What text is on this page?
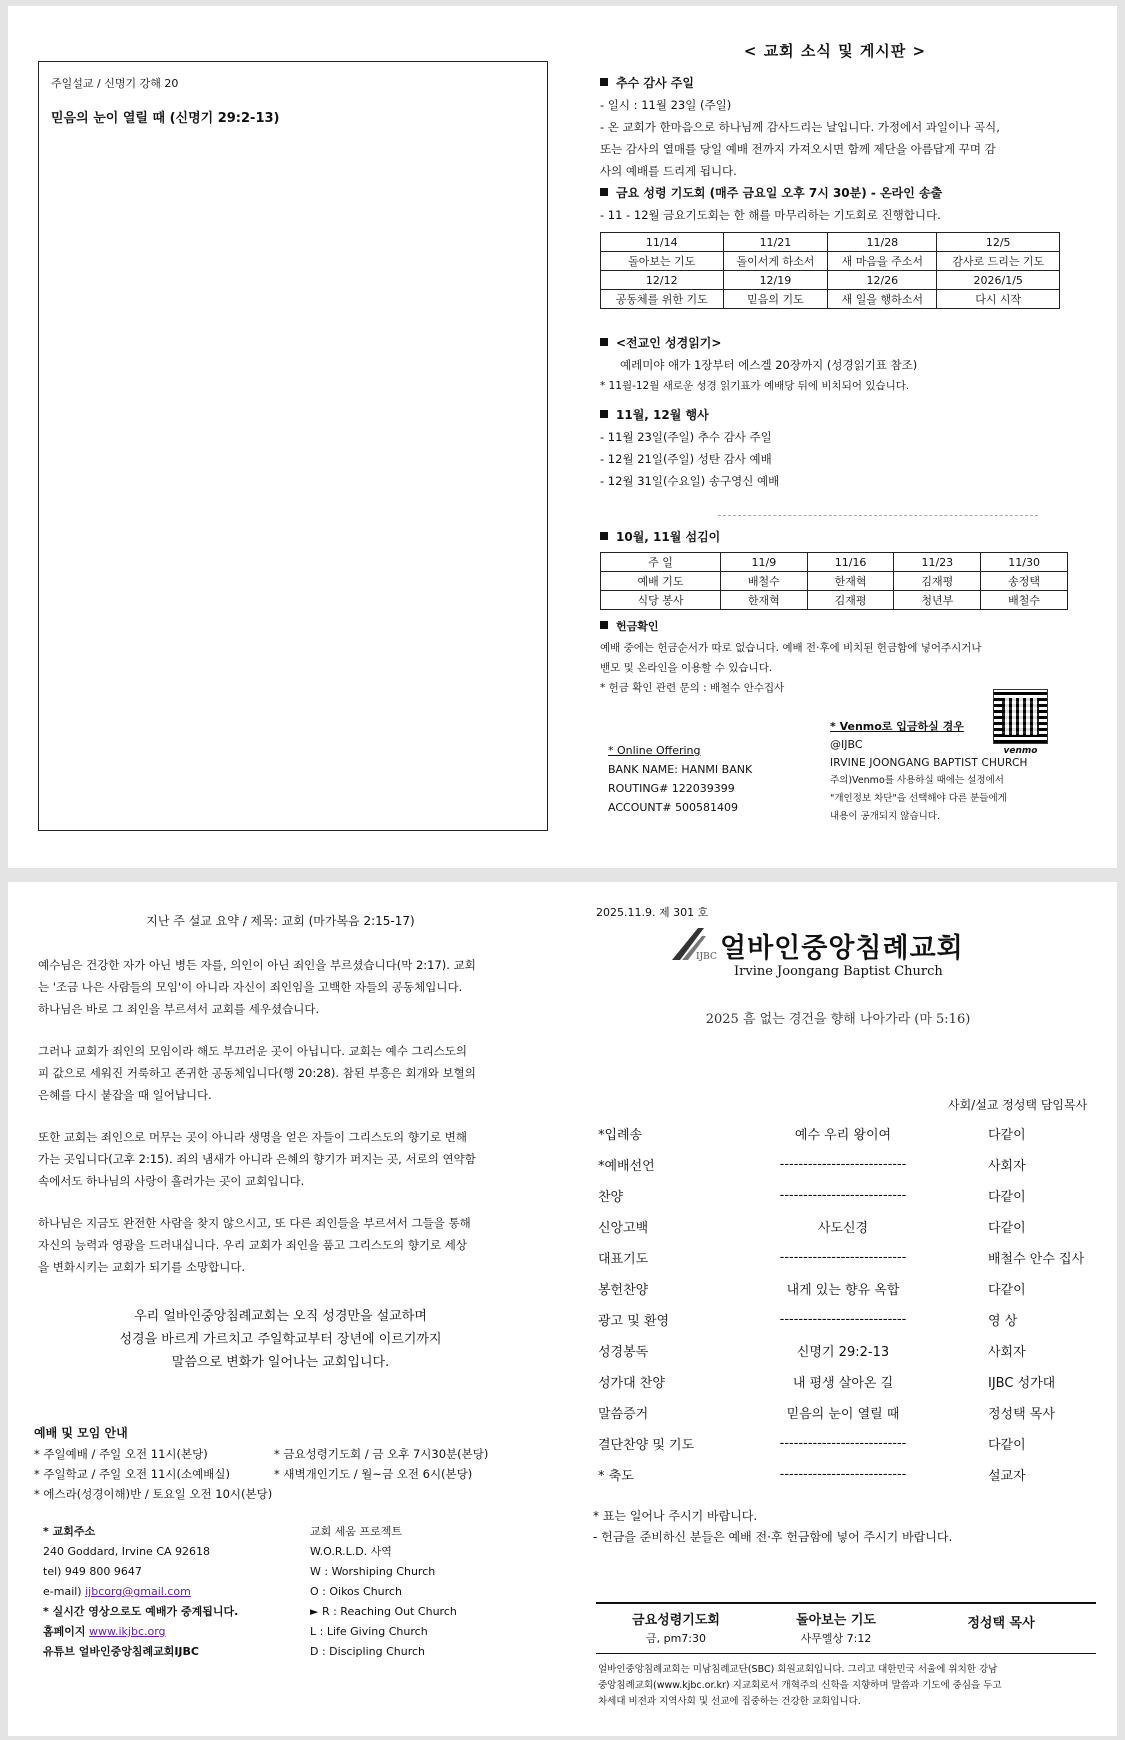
주일설교 / 신명기 강해 20
믿음의 눈이 열릴 때 (신명기 29:2-13)
< 교회 소식 및 게시판 >
추수 감사 주일
- 일시 : 11월 23일 (주일)
- 온 교회가 한마음으로 하나님께 감사드리는 날입니다. 가정에서 과일이나 곡식,
또는 감사의 열매를 당일 예배 전까지 가져오시면 함께 제단을 아름답게 꾸며 감
사의 예배를 드리게 됩니다.
금요 성령 기도회 (매주 금요일 오후 7시 30분) - 온라인 송출
- 11 - 12월 금요기도회는 한 해를 마무리하는 기도회로 진행합니다.
11/14	11/21	11/28	12/5
돌아보는 기도	돌이서게 하소서	새 마음을 주소서	감사로 드리는 기도
12/12	12/19	12/26	2026/1/5
공동체를 위한 기도	믿음의 기도	새 일을 행하소서	다시 시작
<전교인 성경읽기>
예레미야 애가 1장부터 에스겔 20장까지 (성경읽기표 참조)
* 11월-12월 새로운 성경 읽기표가 예배당 뒤에 비치되어 있습니다.
11월, 12월 행사
- 11월 23일(주일) 추수 감사 주일
- 12월 21일(주일) 성탄 감사 예배
- 12월 31일(수요일) 송구영신 예배
10월, 11월 섬김이
주 일	11/9	11/16	11/23	11/30
예배 기도	배철수	한재혁	김재평	송정택
식당 봉사	한재혁	김재평	청년부	배철수
헌금확인
예배 중에는 헌금순서가 따로 없습니다. 예배 전·후에 비치된 헌금함에 넣어주시거나
밴모 및 온라인을 이용할 수 있습니다.
* 헌금 확인 관련 문의 : 배철수 안수집사
* Online Offering
BANK NAME: HANMI BANK
ROUTING# 122039399
ACCOUNT# 500581409
* Venmo로 입금하실 경우
@IJBC
IRVINE JOONGANG BAPTIST CHURCH
주의)Venmo를 사용하실 때에는 설정에서
"개인정보 차단"을 선택해야 다른 분들에게
내용이 공개되지 않습니다.
venmo
지난 주 설교 요약 / 제목: 교회 (마가복음 2:15-17)
예수님은 건강한 자가 아닌 병든 자를, 의인이 아닌 죄인을 부르셨습니다(막 2:17). 교회
는 '조금 나은 사람들의 모임'이 아니라 자신이 죄인임을 고백한 자들의 공동체입니다.
하나님은 바로 그 죄인을 부르셔서 교회를 세우셨습니다.
그러나 교회가 죄인의 모임이라 해도 부끄러운 곳이 아닙니다. 교회는 예수 그리스도의
피 값으로 세워진 거룩하고 존귀한 공동체입니다(행 20:28). 참된 부흥은 회개와 보혈의
은혜를 다시 붙잡을 때 일어납니다.
또한 교회는 죄인으로 머무는 곳이 아니라 생명을 얻은 자들이 그리스도의 향기로 변해
가는 곳입니다(고후 2:15). 죄의 냄새가 아니라 은혜의 향기가 퍼지는 곳, 서로의 연약함
속에서도 하나님의 사랑이 흘러가는 곳이 교회입니다.
하나님은 지금도 완전한 사람을 찾지 않으시고, 또 다른 죄인들을 부르셔서 그들을 통해
자신의 능력과 영광을 드러내십니다. 우리 교회가 죄인을 품고 그리스도의 향기로 세상
을 변화시키는 교회가 되기를 소망합니다.
우리 얼바인중앙침례교회는 오직 성경만을 설교하며
성경을 바르게 가르치고 주일학교부터 장년에 이르기까지
말씀으로 변화가 일어나는 교회입니다.
예배 및 모임 안내
* 주일예배 / 주일 오전 11시(본당)
* 주일학교 / 주일 오전 11시(소예배실)
* 에스라(성경이해)반 / 토요일 오전 10시(본당)
* 금요성령기도회 / 금 오후 7시30분(본당)
* 새벽개인기도 / 월~금 오전 6시(본당)
* 교회주소
240 Goddard, Irvine CA 92618
tel) 949 800 9647
e-mail) ijbcorg@gmail.com
* 실시간 영상으로도 예배가 중계됩니다.
홈페이지 www.ikjbc.org
유튜브 얼바인중앙침례교회IJBC
교회 세움 프로젝트
W.O.R.L.D. 사역
W : Worshiping Church
O : Oikos Church
► R : Reaching Out Church
L : Life Giving Church
D : Discipling Church
2025.11.9. 제 301 호
IJBC 얼바인중앙침례교회
Irvine Joongang Baptist Church
2025 흠 없는 경건을 향해 나아가라 (마 5:16)
사회/설교 정성택 담임목사
*입례송	예수 우리 왕이여	다같이
*예배선언	---------------------------	사회자
찬양	---------------------------	다같이
신앙고백	사도신경	다같이
대표기도	---------------------------	배철수 안수 집사
봉헌찬양	내게 있는 향유 옥합	다같이
광고 및 환영	---------------------------	영 상
성경봉독	신명기 29:2-13	사회자
성가대 찬양	내 평생 살아온 길	IJBC 성가대
말씀증거	믿음의 눈이 열릴 때	정성택 목사
결단찬양 및 기도	---------------------------	다같이
* 축도	---------------------------	설교자
* 표는 일어나 주시기 바랍니다.
- 헌금을 준비하신 분들은 예배 전·후 헌금함에 넣어 주시기 바랍니다.
금요성령기도회
금, pm7:30
돌아보는 기도
사무엘상 7:12
정성택 목사
얼바인중앙침례교회는 미남침례교단(SBC) 회원교회입니다. 그리고 대한민국 서울에 위치한 강남
중앙침례교회(www.kjbc.or.kr) 지교회로서 개혁주의 신학을 지향하며 말씀과 기도에 중심을 두고
차세대 비전과 지역사회 및 선교에 집중하는 건강한 교회입니다.
